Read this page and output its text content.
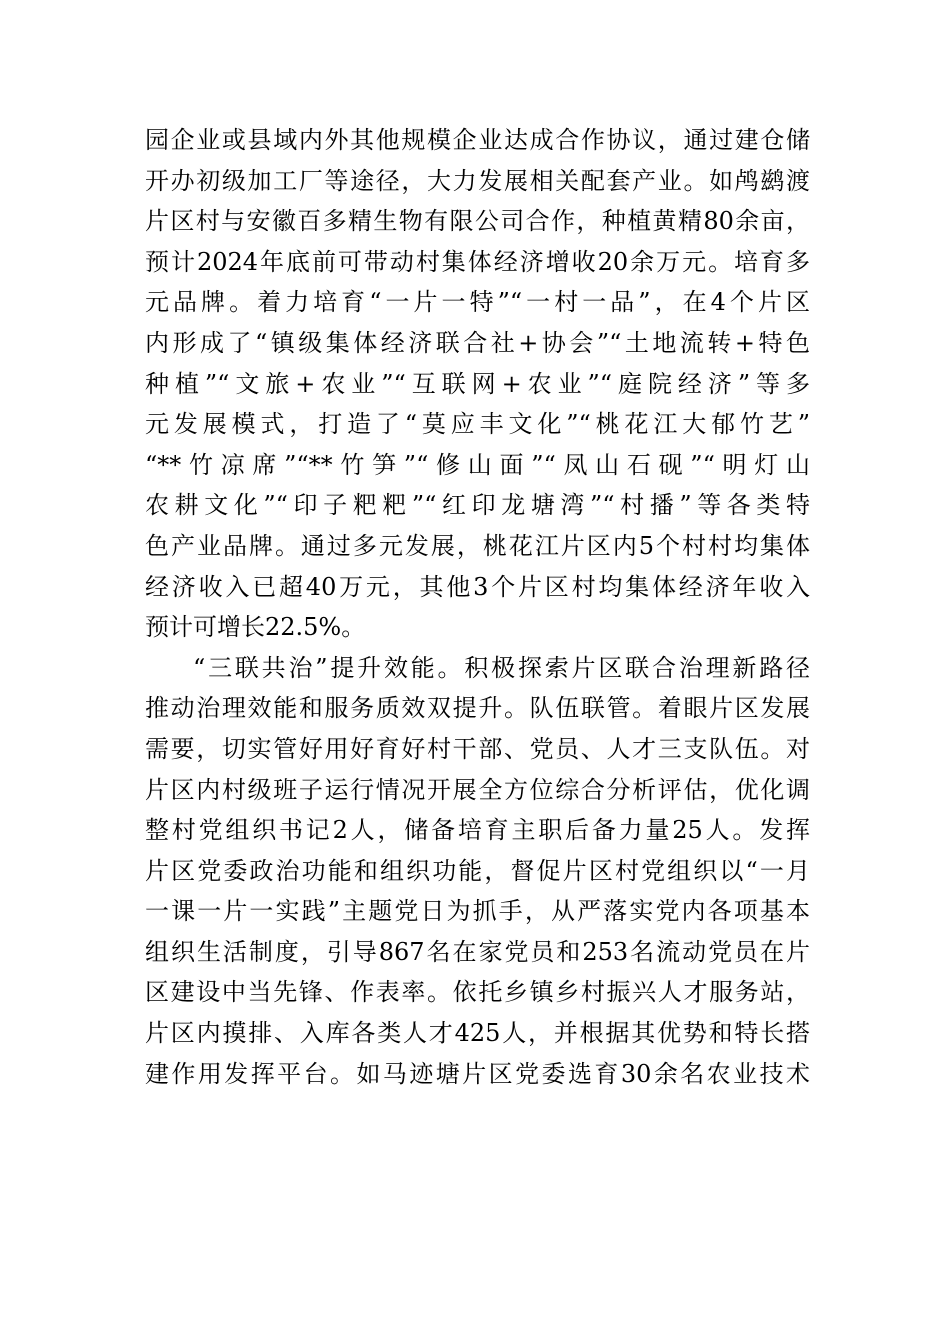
园企业或县域内外其他规模企业达成合作协议，通过建仓储
开办初级加工厂等途径，大力发展相关配套产业。如鸬鹚渡
片区村与安徽百多精生物有限公司合作，种植黄精80余亩，
预计2024年底前可带动村集体经济增收20余万元。培育多
元品牌。着力培育“一片一特”“一村一品”，在4个片区
内形成了“镇级集体经济联合社+协会”“土地流转+特色
种植”“文旅+农业”“互联网+农业”“庭院经济”等多
元发展模式，打造了“莫应丰文化”“桃花江大郁竹艺”
“**竹凉席”“**竹笋”“修山面”“凤山石砚”“明灯山
农耕文化”“印子粑粑”“红印龙塘湾”“村播”等各类特
色产业品牌。通过多元发展，桃花江片区内5个村村均集体
经济收入已超40万元，其他3个片区村均集体经济年收入
预计可增长22.5%。
“三联共治”提升效能。积极探索片区联合治理新路径
推动治理效能和服务质效双提升。队伍联管。着眼片区发展
需要，切实管好用好育好村干部、党员、人才三支队伍。对
片区内村级班子运行情况开展全方位综合分析评估，优化调
整村党组织书记2人，储备培育主职后备力量25人。发挥
片区党委政治功能和组织功能，督促片区村党组织以“一月
一课一片一实践”主题党日为抓手，从严落实党内各项基本
组织生活制度，引导867名在家党员和253名流动党员在片
区建设中当先锋、作表率。依托乡镇乡村振兴人才服务站，
片区内摸排、入库各类人才425人，并根据其优势和特长搭
建作用发挥平台。如马迹塘片区党委选育30余名农业技术
